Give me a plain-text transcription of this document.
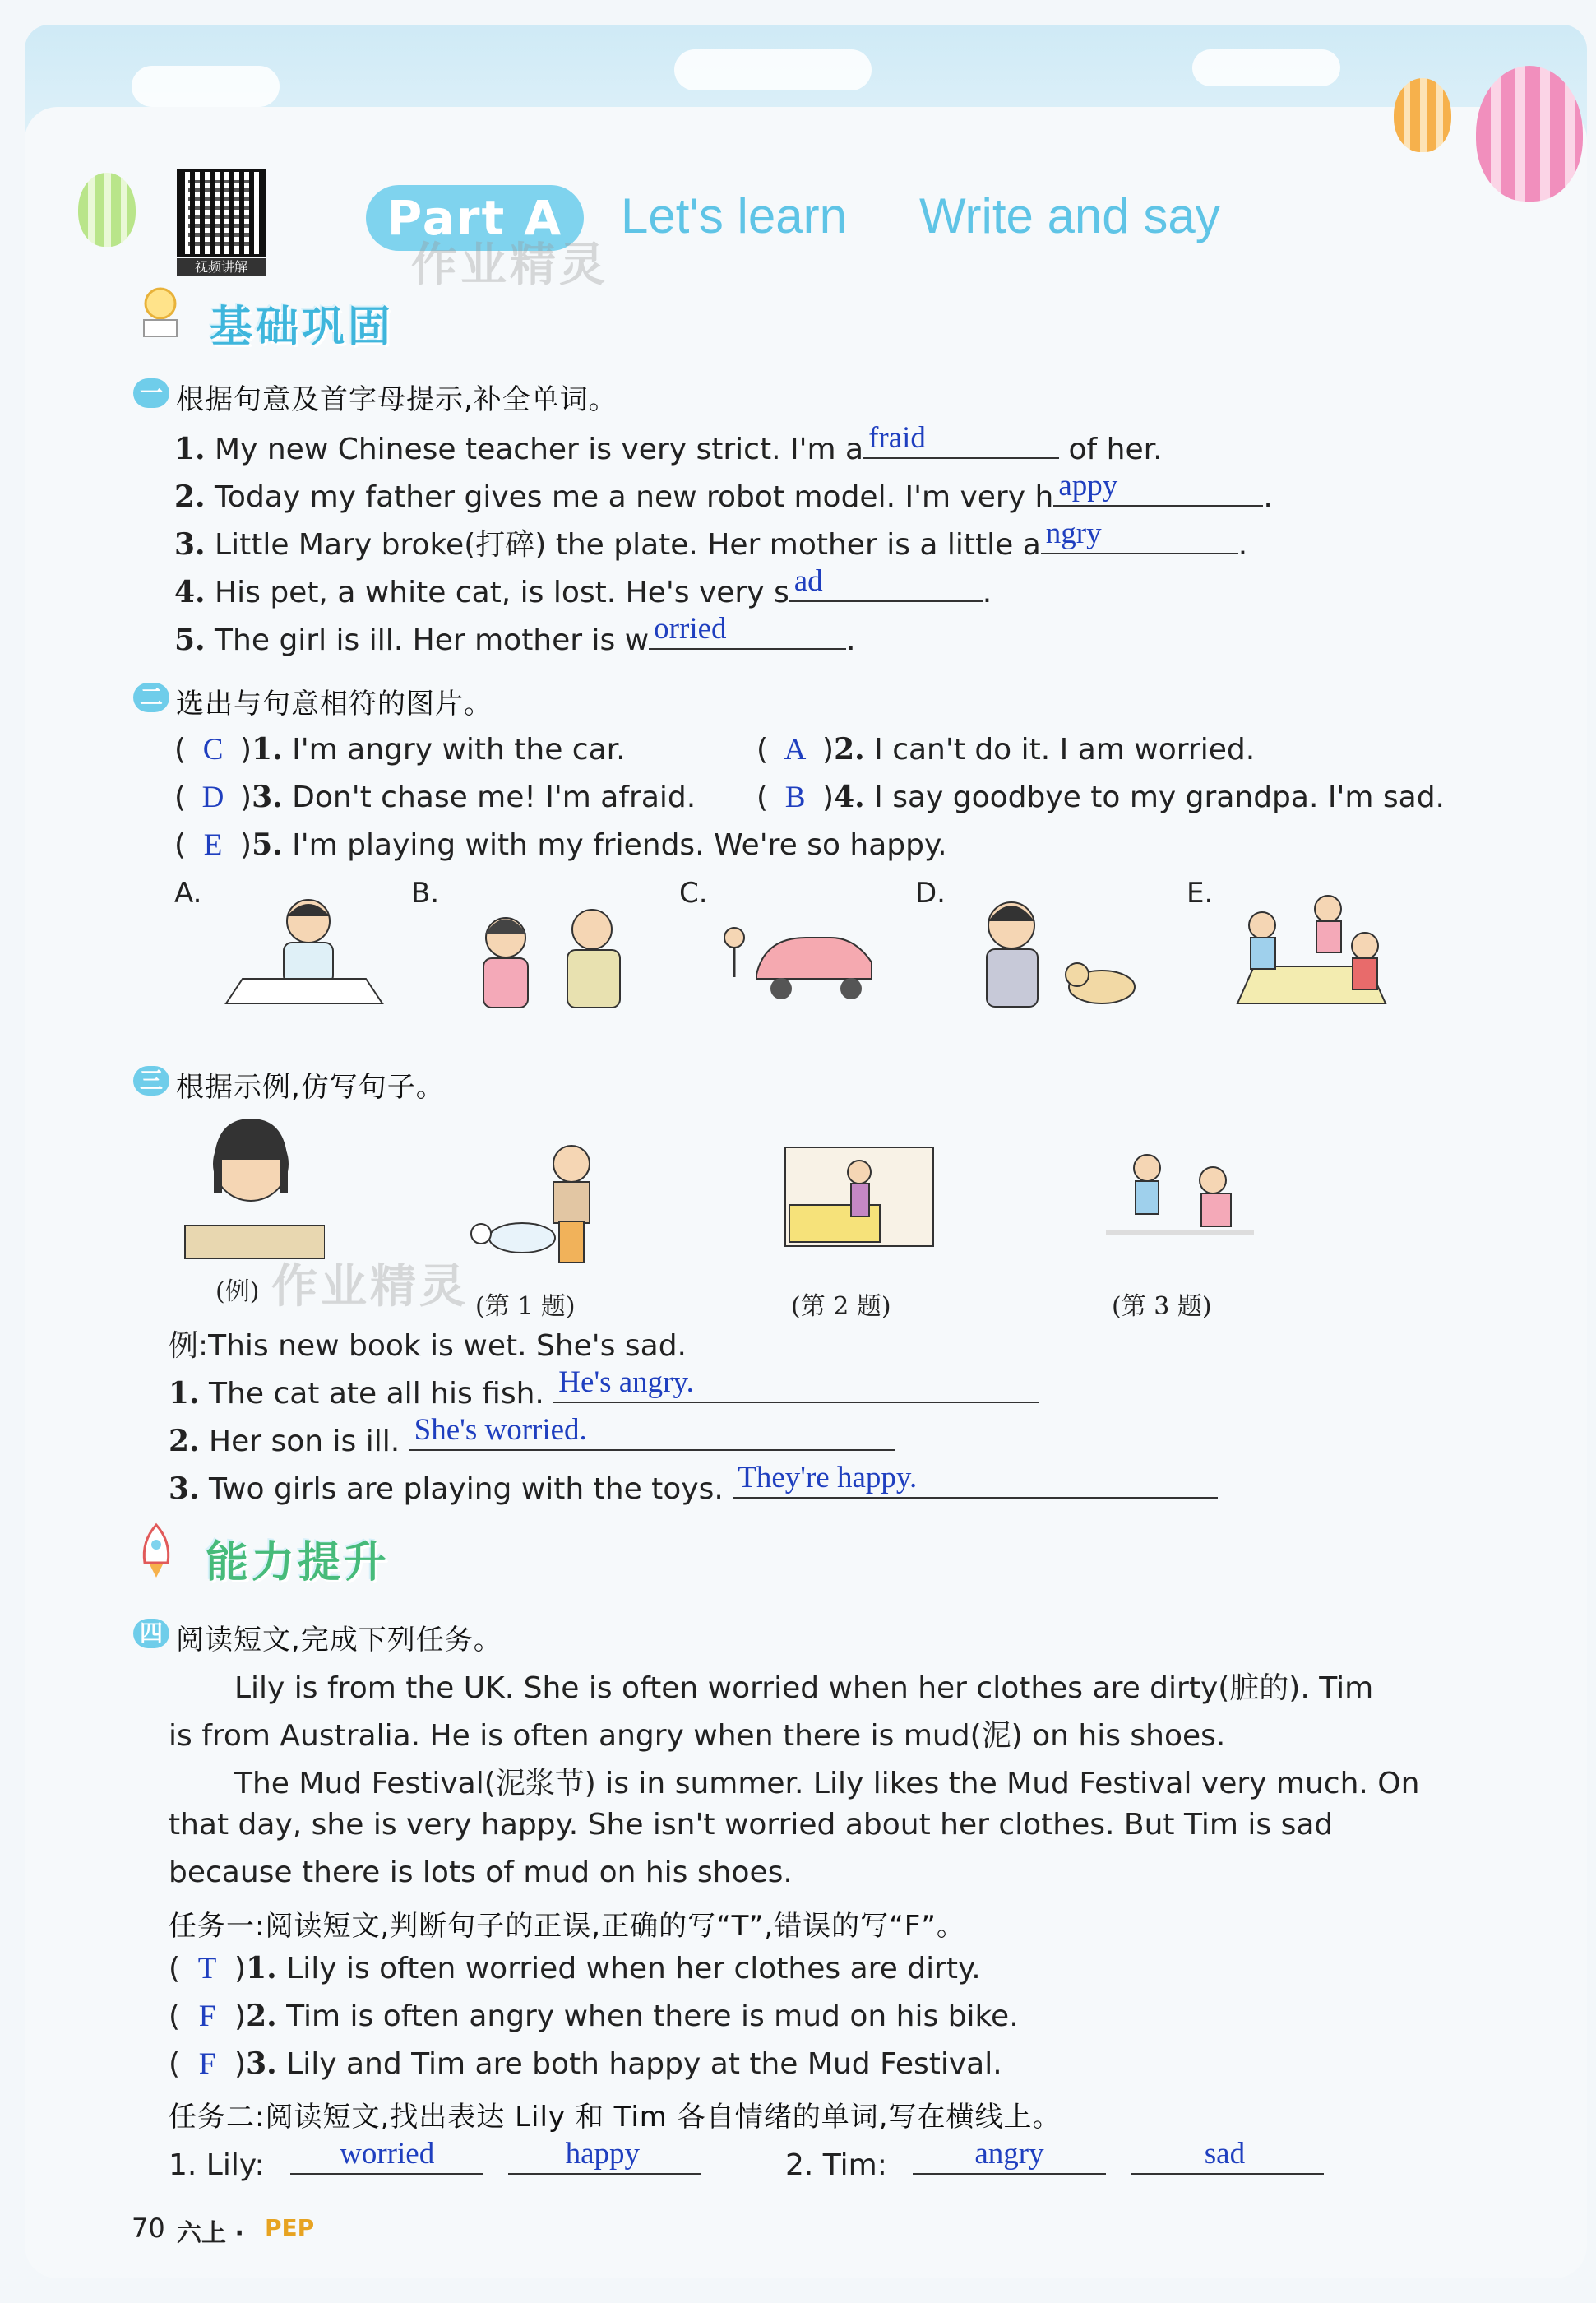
视频讲解
Part A	Let's learn Write and say
作业精灵
基础巩固
一 根据句意及首字母提示,补全单词。
1. My new Chinese teacher is very strict. I'm a fraid	of her.
2. Today my father gives me a new robot model. I'm very h appy	.
3. Little Mary broke(打碎) the plate. Her mother is a little a ngry	.
4. His pet, a white cat, is lost. He's very s ad	.
5. The girl is ill. Her mother is w orried	.
二 选出与句意相符的图片。
( C )1. I'm angry with the car.	( A )2. I can't do it. I am worried.
( D )3. Don't chase me! I'm afraid. ( B )4. I say goodbye to my grandpa. I'm sad.
( E )5. I'm playing with my friends. We're so happy.
A.	B.	C.	D.	E.
三 根据示例,仿写句子。
(例)
(第 1 题)	(第 2 题)	(第 3 题)
作业精灵
例:This new book is wet. She's sad.
1. The cat ate all his fish. He's angry.
2. Her son is ill. She's worried.
3. Two girls are playing with the toys. They're happy.
能力提升
四 阅读短文,完成下列任务。
Lily is from the UK. She is often worried when her clothes are dirty(脏的). Tim
is from Australia. He is often angry when there is mud(泥) on his shoes.
The Mud Festival(泥浆节) is in summer. Lily likes the Mud Festival very much. On
that day, she is very happy. She isn't worried about her clothes. But Tim is sad
because there is lots of mud on his shoes.
任务一:阅读短文,判断句子的正误,正确的写“T”,错误的写“F”。
( T )1. Lily is often worried when her clothes are dirty.
( F )2. Tim is often angry when there is mud on his bike.
( F )3. Lily and Tim are both happy at the Mud Festival.
任务二:阅读短文,找出表达 Lily 和 Tim 各自情绪的单词,写在横线上。
1. Lily: worried
	happy	2. Tim:	angry
	sad
70 六上 · PEP
